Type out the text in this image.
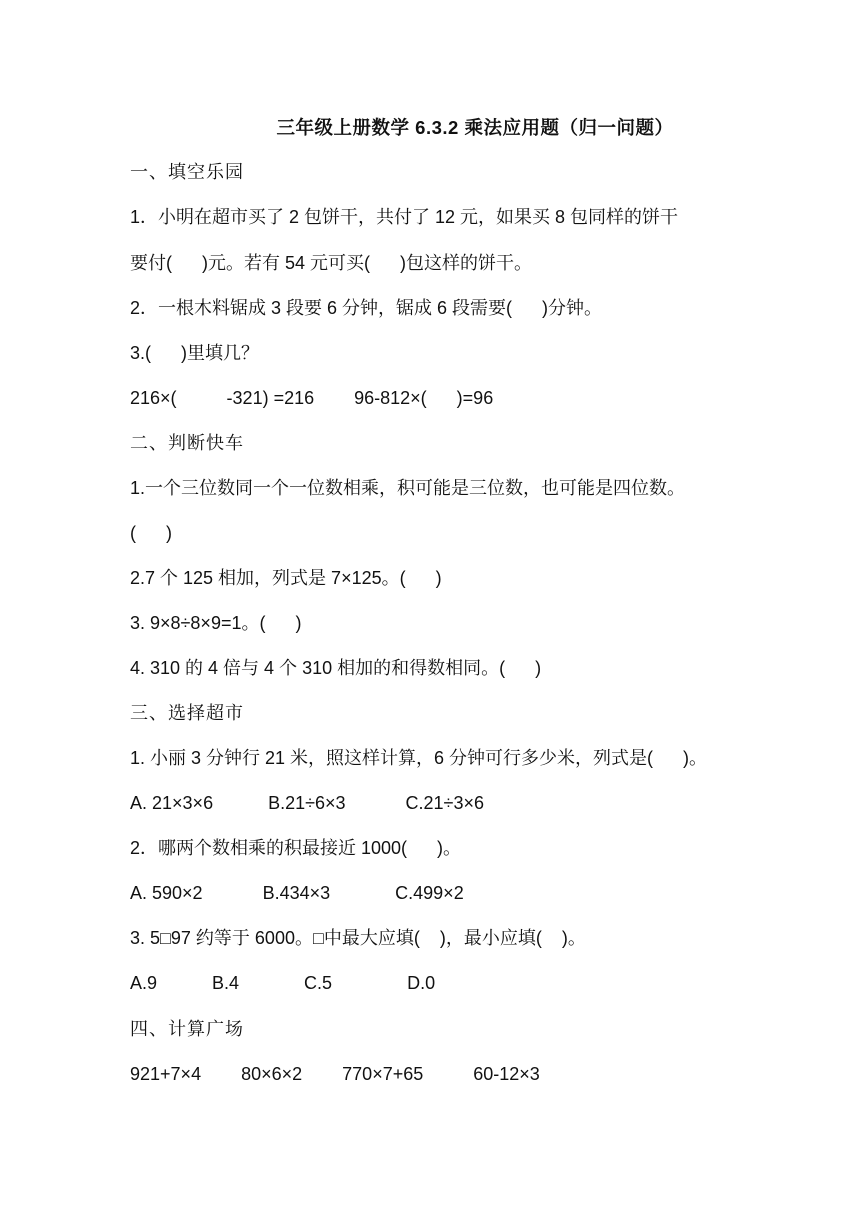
三年级上册数学 6.3.2 乘法应用题（归一问题）
一、填空乐园
1．小明在超市买了 2 包饼干，共付了 12 元，如果买 8 包同样的饼干
要付(      )元。若有 54 元可买(      )包这样的饼干。
2．一根木料锯成 3 段要 6 分钟，锯成 6 段需要(      )分钟。
3.(      )里填几？
216×(          -321) =216        96-812×(      )=96
二、判断快车
1.一个三位数同一个一位数相乘，积可能是三位数，也可能是四位数。
(      )
2.7 个 125 相加，列式是 7×125。(      )
3. 9×8÷8×9=1。(      )
4. 310 的 4 倍与 4 个 310 相加的和得数相同。(      )
三、选择超市
1. 小丽 3 分钟行 21 米，照这样计算，6 分钟可行多少米，列式是(      )。
A. 21×3×6           B.21÷6×3            C.21÷3×6
2．哪两个数相乘的积最接近 1000(      )。
A. 590×2            B.434×3             C.499×2
3. 5□97 约等于 6000。□中最大应填(    )，最小应填(    )。
A.9           B.4             C.5               D.0
四、计算广场
921+7×4        80×6×2        770×7+65          60-12×3
